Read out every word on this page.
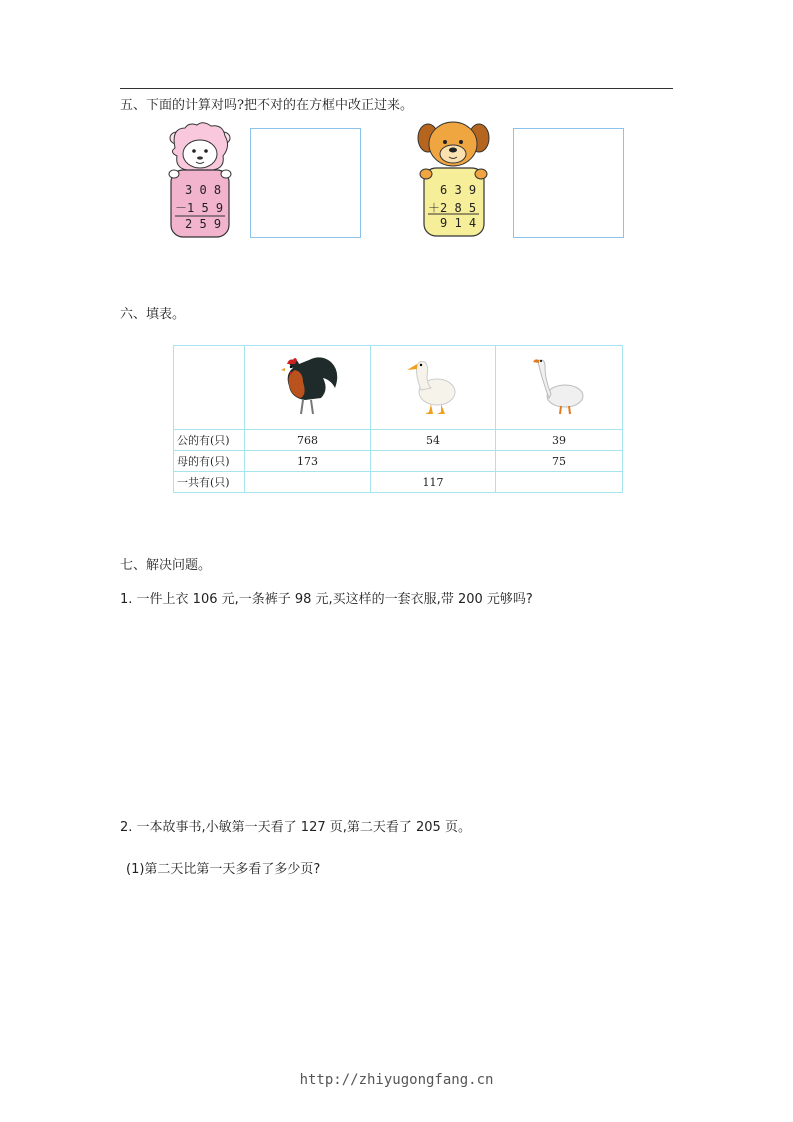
五、下面的计算对吗?把不对的在方框中改正过来。
3 0 8
－1 5 9
2 5 9
6 3 9
＋2 8 5
9 1 4
六、填表。

公的有(只)	768	54	39
母的有(只)	173		75
一共有(只)		117	
七、解决问题。
1. 一件上衣 106 元,一条裤子 98 元,买这样的一套衣服,带 200 元够吗?
2. 一本故事书,小敏第一天看了 127 页,第二天看了 205 页。
(1)第二天比第一天多看了多少页?
http://zhiyugongfang.cn
